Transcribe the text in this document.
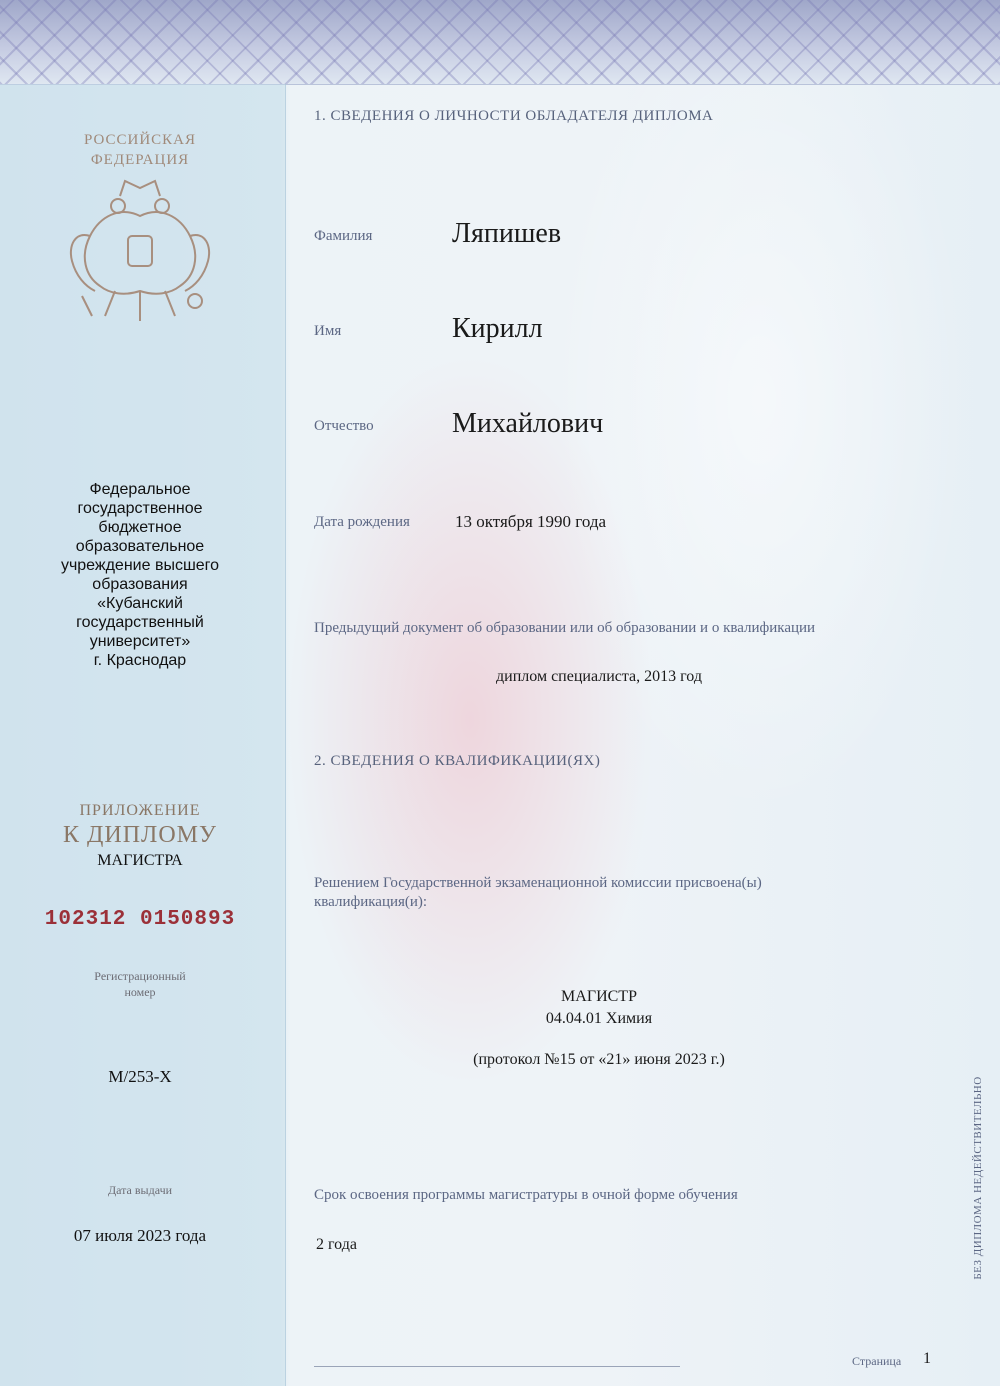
РОССИЙСКАЯ
ФЕДЕРАЦИЯ
Федеральное
государственное
бюджетное
образовательное
учреждение высшего
образования
«Кубанский
государственный
университет»
г. Краснодар
ПРИЛОЖЕНИЕ
К ДИПЛОМУ
МАГИСТРА
102312 0150893
Регистрационный
номер
М/253-Х
Дата выдачи
07 июля 2023 года
1. СВЕДЕНИЯ О ЛИЧНОСТИ ОБЛАДАТЕЛЯ ДИПЛОМА
Фамилия	Ляпишев
Имя	Кирилл
Отчество	Михайлович
Дата рождения	13 октября 1990 года
Предыдущий документ об образовании или об образовании и о квалификации
диплом специалиста, 2013 год
2. СВЕДЕНИЯ О КВАЛИФИКАЦИИ(ЯХ)
Решением Государственной экзаменационной комиссии присвоена(ы)
квалификация(и):
МАГИСТР
04.04.01 Химия
(протокол №15 от «21» июня 2023 г.)
Срок освоения программы магистратуры в очной форме обучения
2 года
Страница 1
БЕЗ ДИПЛОМА НЕДЕЙСТВИТЕЛЬНО
